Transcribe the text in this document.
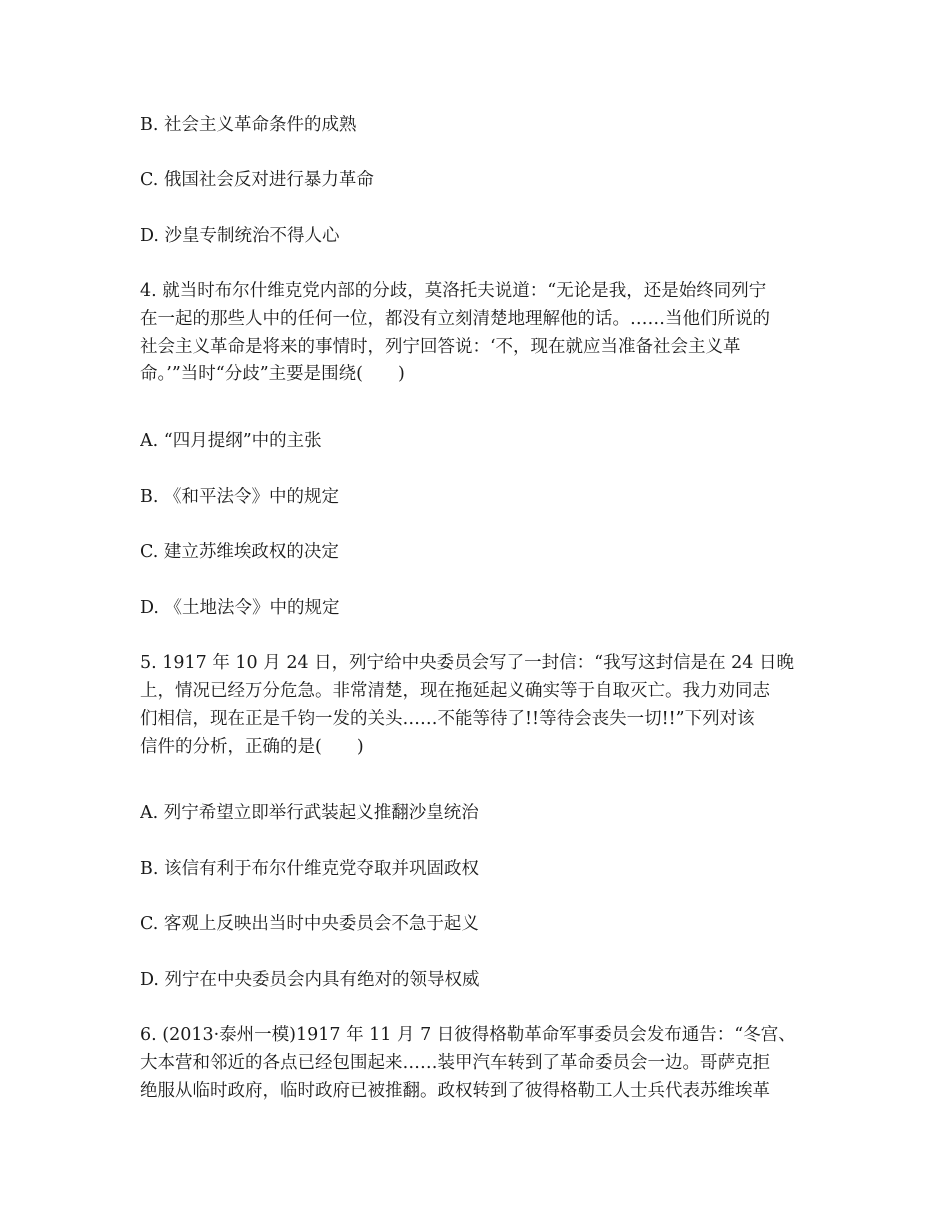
B. 社会主义革命条件的成熟
C. 俄国社会反对进行暴力革命
D. 沙皇专制统治不得人心
4. 就当时布尔什维克党内部的分歧，莫洛托夫说道：“无论是我，还是始终同列宁
在一起的那些人中的任何一位，都没有立刻清楚地理解他的话。……当他们所说的
社会主义革命是将来的事情时，列宁回答说：‘不，现在就应当准备社会主义革
命。’”当时“分歧”主要是围绕(　　)
A. “四月提纲”中的主张
B. 《和平法令》中的规定
C. 建立苏维埃政权的决定
D. 《土地法令》中的规定
5. 1917 年 10 月 24 日，列宁给中央委员会写了一封信：“我写这封信是在 24 日晚
上，情况已经万分危急。非常清楚，现在拖延起义确实等于自取灭亡。我力劝同志
们相信，现在正是千钧一发的关头……不能等待了!!等待会丧失一切!!”下列对该
信件的分析，正确的是(　　)
A. 列宁希望立即举行武装起义推翻沙皇统治
B. 该信有利于布尔什维克党夺取并巩固政权
C. 客观上反映出当时中央委员会不急于起义
D. 列宁在中央委员会内具有绝对的领导权威
6. (2013·泰州一模)1917 年 11 月 7 日彼得格勒革命军事委员会发布通告：“冬宫、
大本营和邻近的各点已经包围起来……装甲汽车转到了革命委员会一边。哥萨克拒
绝服从临时政府，临时政府已被推翻。政权转到了彼得格勒工人士兵代表苏维埃革
